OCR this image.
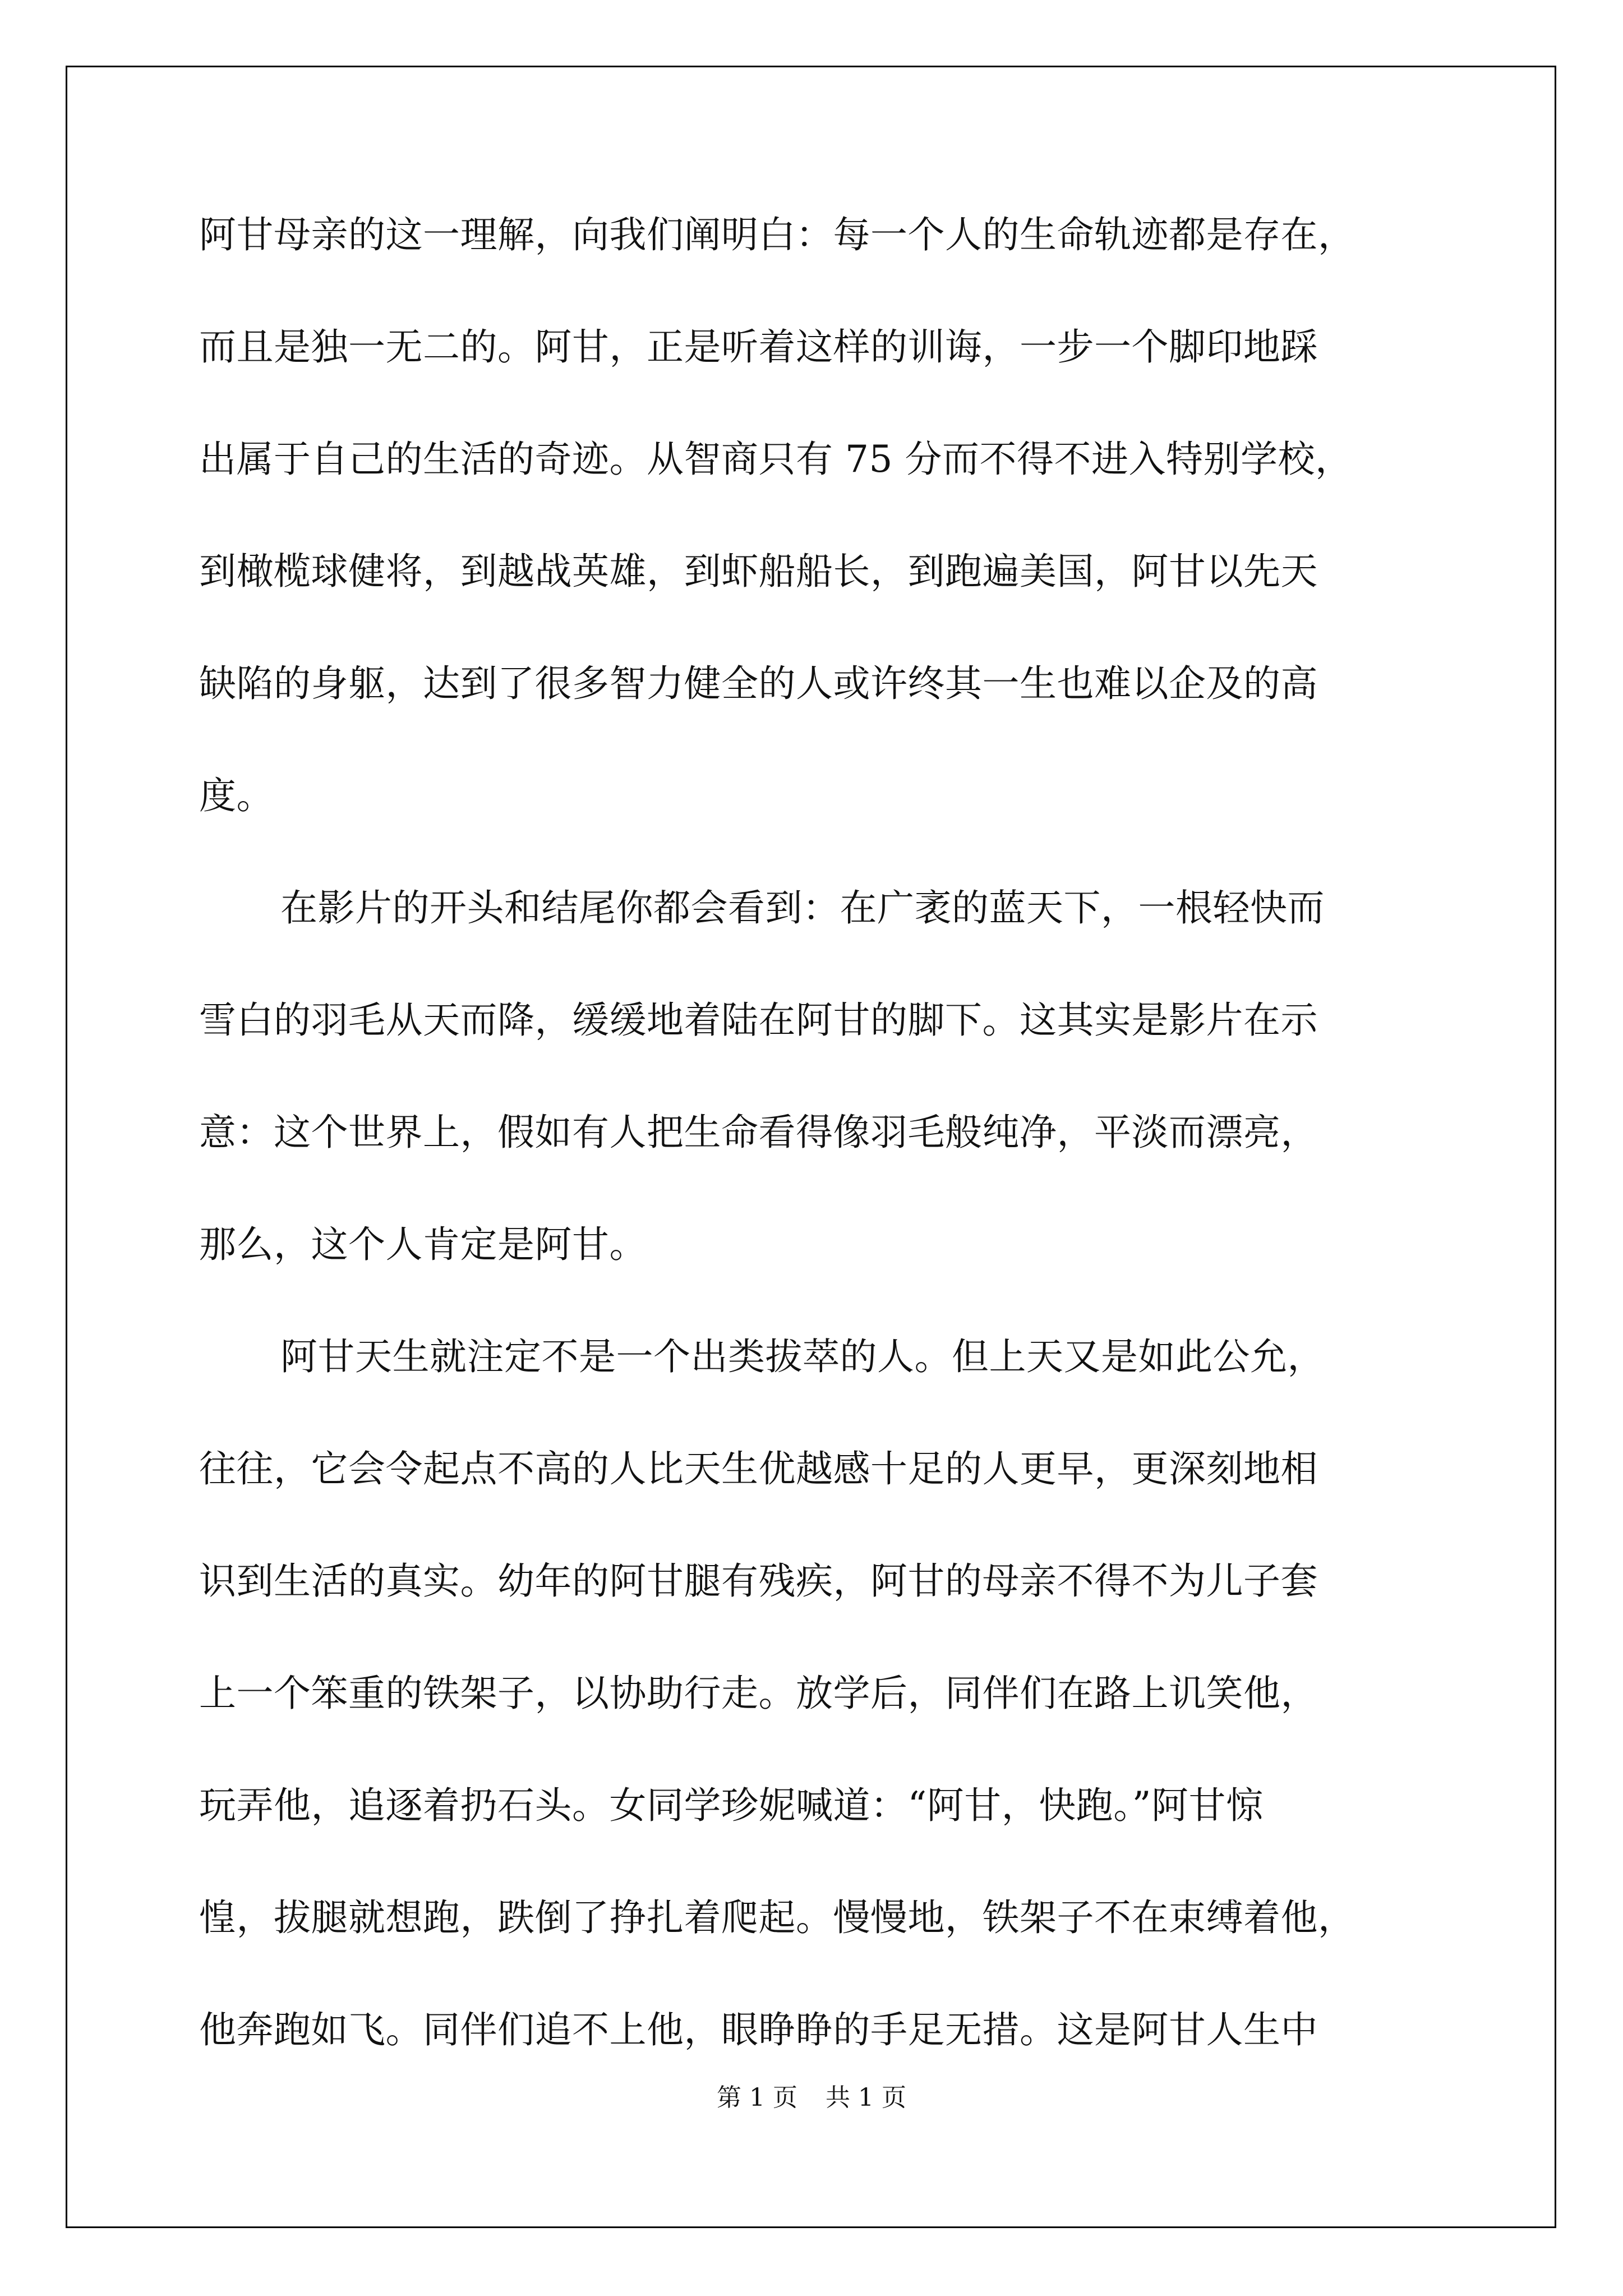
阿甘母亲的这一理解，向我们阐明白：每一个人的生命轨迹都是存在，
而且是独一无二的。阿甘，正是听着这样的训诲，一步一个脚印地踩
出属于自己的生活的奇迹。从智商只有 75 分而不得不进入特别学校，
到橄榄球健将，到越战英雄，到虾船船长，到跑遍美国，阿甘以先天
缺陷的身躯，达到了很多智力健全的人或许终其一生也难以企及的高
度。
在影片的开头和结尾你都会看到：在广袤的蓝天下，一根轻快而
雪白的羽毛从天而降，缓缓地着陆在阿甘的脚下。这其实是影片在示
意：这个世界上，假如有人把生命看得像羽毛般纯净，平淡而漂亮，
那么，这个人肯定是阿甘。
阿甘天生就注定不是一个出类拔萃的人。但上天又是如此公允，
往往，它会令起点不高的人比天生优越感十足的人更早，更深刻地相
识到生活的真实。幼年的阿甘腿有残疾，阿甘的母亲不得不为儿子套
上一个笨重的铁架子，以协助行走。放学后，同伴们在路上讥笑他，
玩弄他，追逐着扔石头。女同学珍妮喊道：“阿甘，快跑。”阿甘惊
惶，拔腿就想跑，跌倒了挣扎着爬起。慢慢地，铁架子不在束缚着他，
他奔跑如飞。同伴们追不上他，眼睁睁的手足无措。这是阿甘人生中
第 1 页 共 1 页
